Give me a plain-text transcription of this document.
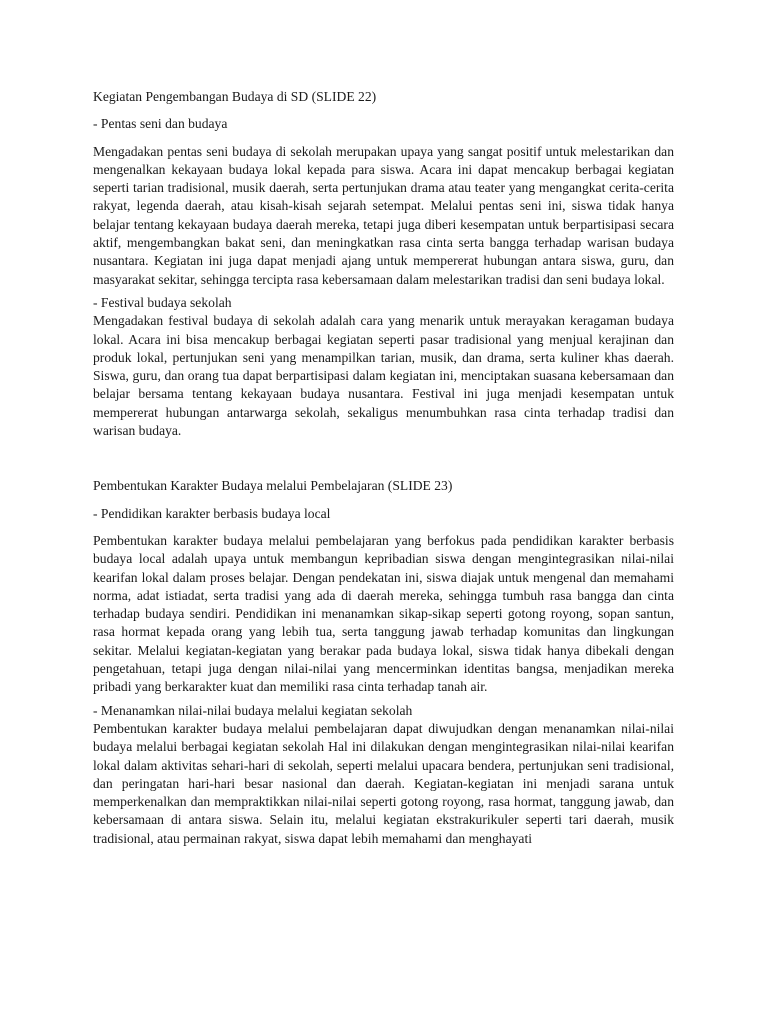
Kegiatan Pengembangan Budaya di SD (SLIDE 22)

- Pentas seni dan budaya

Mengadakan pentas seni budaya di sekolah merupakan upaya yang sangat positif untuk melestarikan dan mengenalkan kekayaan budaya lokal kepada para siswa. Acara ini dapat mencakup berbagai kegiatan seperti tarian tradisional, musik daerah, serta pertunjukan drama atau teater yang mengangkat cerita-cerita rakyat, legenda daerah, atau kisah-kisah sejarah setempat. Melalui pentas seni ini, siswa tidak hanya belajar tentang kekayaan budaya daerah mereka, tetapi juga diberi kesempatan untuk berpartisipasi secara aktif, mengembangkan bakat seni, dan meningkatkan rasa cinta serta bangga terhadap warisan budaya nusantara. Kegiatan ini juga dapat menjadi ajang untuk mempererat hubungan antara siswa, guru, dan masyarakat sekitar, sehingga tercipta rasa kebersamaan dalam melestarikan tradisi dan seni budaya lokal.

- Festival budaya sekolah

Mengadakan festival budaya di sekolah adalah cara yang menarik untuk merayakan keragaman budaya lokal. Acara ini bisa mencakup berbagai kegiatan seperti pasar tradisional yang menjual kerajinan dan produk lokal, pertunjukan seni yang menampilkan tarian, musik, dan drama, serta kuliner khas daerah. Siswa, guru, dan orang tua dapat berpartisipasi dalam kegiatan ini, menciptakan suasana kebersamaan dan belajar bersama tentang kekayaan budaya nusantara. Festival ini juga menjadi kesempatan untuk mempererat hubungan antarwarga sekolah, sekaligus menumbuhkan rasa cinta terhadap tradisi dan warisan budaya.

Pembentukan Karakter Budaya melalui Pembelajaran (SLIDE 23)

- Pendidikan karakter berbasis budaya local

Pembentukan karakter budaya melalui pembelajaran yang berfokus pada pendidikan karakter berbasis budaya local adalah upaya untuk membangun kepribadian siswa dengan mengintegrasikan nilai-nilai kearifan lokal dalam proses belajar. Dengan pendekatan ini, siswa diajak untuk mengenal dan memahami norma, adat istiadat, serta tradisi yang ada di daerah mereka, sehingga tumbuh rasa bangga dan cinta terhadap budaya sendiri. Pendidikan ini menanamkan sikap-sikap seperti gotong royong, sopan santun, rasa hormat kepada orang yang lebih tua, serta tanggung jawab terhadap komunitas dan lingkungan sekitar. Melalui kegiatan-kegiatan yang berakar pada budaya lokal, siswa tidak hanya dibekali dengan pengetahuan, tetapi juga dengan nilai-nilai yang mencerminkan identitas bangsa, menjadikan mereka pribadi yang berkarakter kuat dan memiliki rasa cinta terhadap tanah air.

- Menanamkan nilai-nilai budaya melalui kegiatan sekolah

Pembentukan karakter budaya melalui pembelajaran dapat diwujudkan dengan menanamkan nilai-nilai budaya melalui berbagai kegiatan sekolah Hal ini dilakukan dengan mengintegrasikan nilai-nilai kearifan lokal dalam aktivitas sehari-hari di sekolah, seperti melalui upacara bendera, pertunjukan seni tradisional, dan peringatan hari-hari besar nasional dan daerah. Kegiatan-kegiatan ini menjadi sarana untuk memperkenalkan dan mempraktikkan nilai-nilai seperti gotong royong, rasa hormat, tanggung jawab, dan kebersamaan di antara siswa. Selain itu, melalui kegiatan ekstrakurikuler seperti tari daerah, musik tradisional, atau permainan rakyat, siswa dapat lebih memahami dan menghayati
